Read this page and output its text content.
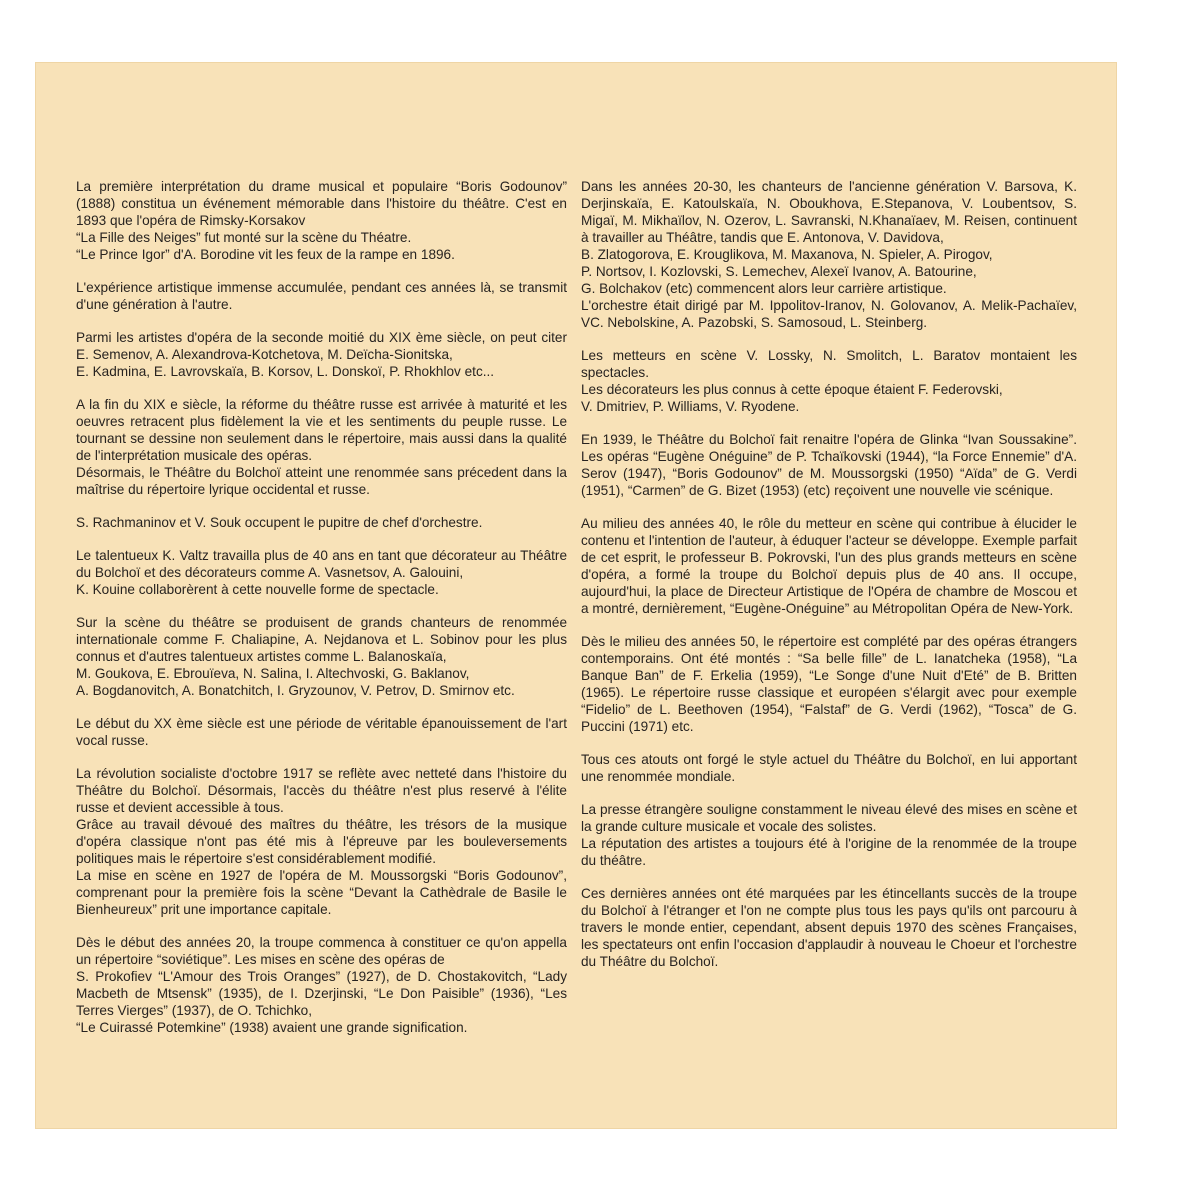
La première interprétation du drame musical et populaire “Boris Godounov” (1888) constitua un événement mémorable dans l'histoire du théâtre. C'est en 1893 que l'opéra de Rimsky-Korsakov
“La Fille des Neiges” fut monté sur la scène du Théatre.
“Le Prince Igor” d'A. Borodine vit les feux de la rampe en 1896.
L'expérience artistique immense accumulée, pendant ces années là, se transmit d'une génération à l'autre.
Parmi les artistes d'opéra de la seconde moitié du XIX ème siècle, on peut citer E. Semenov, A. Alexandrova-Kotchetova, M. Deïcha-Sionitska,
E. Kadmina, E. Lavrovskaïa, B. Korsov, L. Donskoï, P. Rhokhlov etc...
A la fin du XIX e siècle, la réforme du théâtre russe est arrivée à maturité et les oeuvres retracent plus fidèlement la vie et les sentiments du peuple russe. Le tournant se dessine non seulement dans le répertoire, mais aussi dans la qualité de l'interprétation musicale des opéras.
Désormais, le Théâtre du Bolchoï atteint une renommée sans précedent dans la maîtrise du répertoire lyrique occidental et russe.
S. Rachmaninov et V. Souk occupent le pupitre de chef d'orchestre.
Le talentueux K. Valtz travailla plus de 40 ans en tant que décorateur au Théâtre du Bolchoï et des décorateurs comme A. Vasnetsov, A. Galouini,
K. Kouine collaborèrent à cette nouvelle forme de spectacle.
Sur la scène du théâtre se produisent de grands chanteurs de renommée internationale comme F. Chaliapine, A. Nejdanova et L. Sobinov pour les plus connus et d'autres talentueux artistes comme L. Balanoskaïa,
M. Goukova, E. Ebrouïeva, N. Salina, I. Altechvoski, G. Baklanov,
A. Bogdanovitch, A. Bonatchitch, I. Gryzounov, V. Petrov, D. Smirnov etc.
Le début du XX ème siècle est une période de véritable épanouissement de l'art vocal russe.
La révolution socialiste d'octobre 1917 se reflète avec netteté dans l'histoire du Théâtre du Bolchoï. Désormais, l'accès du théâtre n'est plus reservé à l'élite russe et devient accessible à tous.
Grâce au travail dévoué des maîtres du théâtre, les trésors de la musique d'opéra classique n'ont pas été mis à l'épreuve par les bouleversements politiques mais le répertoire s'est considérablement modifié.
La mise en scène en 1927 de l'opéra de M. Moussorgski “Boris Godounov”, comprenant pour la première fois la scène “Devant la Cathèdrale de Basile le Bienheureux” prit une importance capitale.
Dès le début des années 20, la troupe commenca à constituer ce qu'on appella un répertoire “soviétique”. Les mises en scène des opéras de
S. Prokofiev “L'Amour des Trois Oranges” (1927), de D. Chostakovitch, “Lady Macbeth de Mtsensk” (1935), de I. Dzerjinski, “Le Don Paisible” (1936), “Les Terres Vierges” (1937), de O. Tchichko,
“Le Cuirassé Potemkine” (1938) avaient une grande signification.
Dans les années 20-30, les chanteurs de l'ancienne génération V. Barsova, K. Derjinskaïa, E. Katoulskaïa, N. Oboukhova, E.Stepanova, V. Loubentsov, S. Migaï, M. Mikhaïlov, N. Ozerov, L. Savranski, N.Khanaïaev, M. Reisen, continuent à travailler au Théâtre, tandis que E. Antonova, V. Davidova,
B. Zlatogorova, E. Krouglikova, M. Maxanova, N. Spieler, A. Pirogov,
P. Nortsov, I. Kozlovski, S. Lemechev, Alexeï Ivanov, A. Batourine,
G. Bolchakov (etc) commencent alors leur carrière artistique.
L'orchestre était dirigé par M. Ippolitov-Iranov, N. Golovanov, A. Melik-Pachaïev, VC. Nebolskine, A. Pazobski, S. Samosoud, L. Steinberg.
Les metteurs en scène V. Lossky, N. Smolitch, L. Baratov montaient les spectacles.
Les décorateurs les plus connus à cette époque étaient F. Federovski,
V. Dmitriev, P. Williams, V. Ryodene.
En 1939, le Théâtre du Bolchoï fait renaitre l'opéra de Glinka “Ivan Soussakine”. Les opéras “Eugène Onéguine” de P. Tchaïkovski (1944), “la Force Ennemie” d'A. Serov (1947), “Boris Godounov” de M. Moussorgski (1950) “Aïda” de G. Verdi (1951), “Carmen” de G. Bizet (1953) (etc) reçoivent une nouvelle vie scénique.
Au milieu des années 40, le rôle du metteur en scène qui contribue à élucider le contenu et l'intention de l'auteur, à éduquer l'acteur se développe. Exemple parfait de cet esprit, le professeur B. Pokrovski, l'un des plus grands metteurs en scène d'opéra, a formé la troupe du Bolchoï depuis plus de 40 ans. Il occupe, aujourd'hui, la place de Directeur Artistique de l'Opéra de chambre de Moscou et a montré, dernièrement, “Eugène-Onéguine” au Métropolitan Opéra de New-York.
Dès le milieu des années 50, le répertoire est complété par des opéras étrangers contemporains. Ont été montés : “Sa belle fille” de L. Ianatcheka (1958), “La Banque Ban” de F. Erkelia (1959), “Le Songe d'une Nuit d'Eté” de B. Britten (1965). Le répertoire russe classique et européen s'élargit avec pour exemple “Fidelio” de L. Beethoven (1954), “Falstaf” de G. Verdi (1962), “Tosca” de G. Puccini (1971) etc.
Tous ces atouts ont forgé le style actuel du Théâtre du Bolchoï, en lui apportant une renommée mondiale.
La presse étrangère souligne constamment le niveau élevé des mises en scène et la grande culture musicale et vocale des solistes.
La réputation des artistes a toujours été à l'origine de la renommée de la troupe du théâtre.
Ces dernières années ont été marquées par les étincellants succès de la troupe du Bolchoï à l'étranger et l'on ne compte plus tous les pays qu'ils ont parcouru à travers le monde entier, cependant, absent depuis 1970 des scènes Françaises, les spectateurs ont enfin l'occasion d'applaudir à nouveau le Choeur et l'orchestre du Théâtre du Bolchoï.
